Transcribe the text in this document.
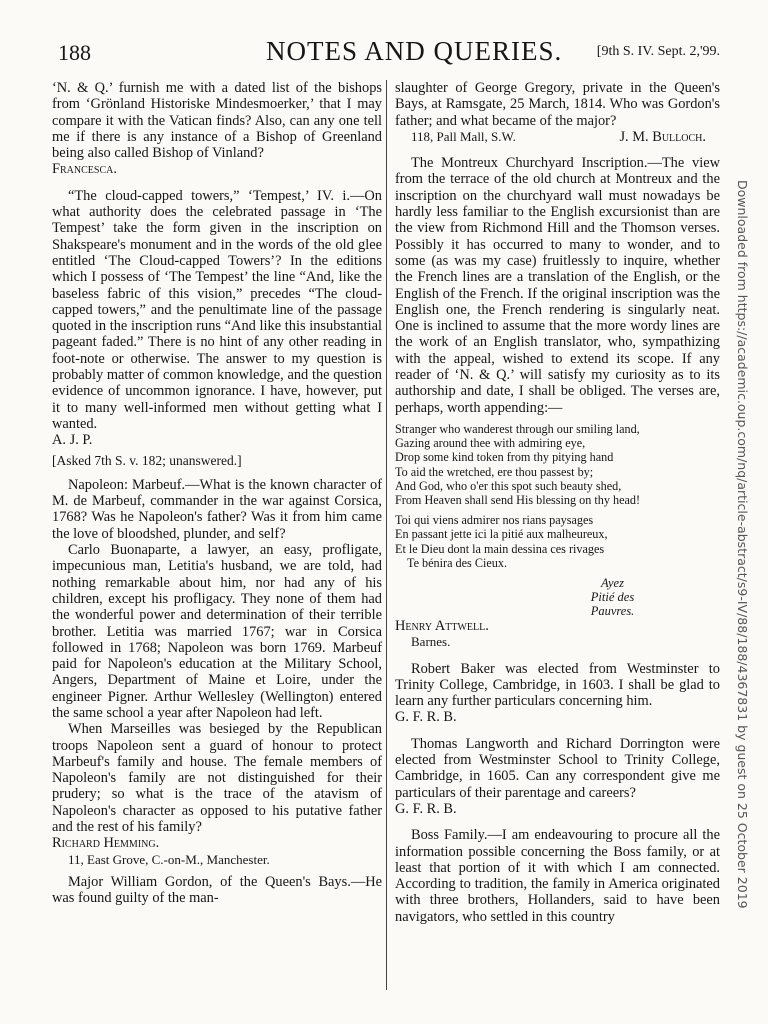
188	NOTES AND QUERIES. [9th S. IV. Sept. 2,'99.

‘N. & Q.’ furnish me with a dated list of the bishops from ‘Grönland Historiske Mindesmoerker,’ that I may compare it with the Vatican finds? Also, can any one tell me if there is any instance of a Bishop of Greenland being also called Bishop of Vinland?

Francesca.

“The cloud-capped towers,” ‘Tempest,’ IV. i.—On what authority does the celebrated passage in ‘The Tempest’ take the form given in the inscription on Shakspeare's monument and in the words of the old glee entitled ‘The Cloud-capped Towers’? In the editions which I possess of ‘The Tempest’ the line “And, like the baseless fabric of this vision,” precedes “The cloud-capped towers,” and the penultimate line of the passage quoted in the inscription runs “And like this insubstantial pageant faded.” There is no hint of any other reading in foot-note or otherwise. The answer to my question is probably matter of common knowledge, and the question evidence of uncommon ignorance. I have, however, put it to many well-informed men without getting what I wanted.

A. J. P.

[Asked 7th S. v. 182; unanswered.]

Napoleon: Marbeuf.—What is the known character of M. de Marbeuf, commander in the war against Corsica, 1768? Was he Napoleon's father? Was it from him came the love of bloodshed, plunder, and self?

Carlo Buonaparte, a lawyer, an easy, profligate, impecunious man, Letitia's husband, we are told, had nothing remarkable about him, nor had any of his children, except his profligacy. They none of them had the wonderful power and determination of their terrible brother. Letitia was married 1767; war in Corsica followed in 1768; Napoleon was born 1769. Marbeuf paid for Napoleon's education at the Military School, Angers, Department of Maine et Loire, under the engineer Pigner. Arthur Wellesley (Wellington) entered the same school a year after Napoleon had left.

When Marseilles was besieged by the Republican troops Napoleon sent a guard of honour to protect Marbeuf's family and house. The female members of Napoleon's family are not distinguished for their prudery; so what is the trace of the atavism of Napoleon's character as opposed to his putative father and the rest of his family?

Richard Hemming.

11, East Grove, C.-on-M., Manchester.

Major William Gordon, of the Queen's Bays.—He was found guilty of the man-

slaughter of George Gregory, private in the Queen's Bays, at Ramsgate, 25 March, 1814. Who was Gordon's father; and what became of the major?

118, Pall Mall, S.W.	J. M. Bulloch.

The Montreux Churchyard Inscription.—The view from the terrace of the old church at Montreux and the inscription on the churchyard wall must nowadays be hardly less familiar to the English excursionist than are the view from Richmond Hill and the Thomson verses. Possibly it has occurred to many to wonder, and to some (as was my case) fruitlessly to inquire, whether the French lines are a translation of the English, or the English of the French. If the original inscription was the English one, the French rendering is singularly neat. One is inclined to assume that the more wordy lines are the work of an English translator, who, sympathizing with the appeal, wished to extend its scope. If any reader of ‘N. & Q.’ will satisfy my curiosity as to its authorship and date, I shall be obliged. The verses are, perhaps, worth appending:—

Stranger who wanderest through our smiling land,

Gazing around thee with admiring eye,

Drop some kind token from thy pitying hand

To aid the wretched, ere thou passest by;

And God, who o'er this spot such beauty shed,

From Heaven shall send His blessing on thy head!

Toi qui viens admirer nos rians paysages

En passant jette ici la pitié aux malheureux,

Et le Dieu dont la main dessina ces rivages

Te bénira des Cieux.

Ayez

Pitié des

Pauvres.

Henry Attwell.

Barnes.

Robert Baker was elected from Westminster to Trinity College, Cambridge, in 1603. I shall be glad to learn any further particulars concerning him.

G. F. R. B.

Thomas Langworth and Richard Dorrington were elected from Westminster School to Trinity College, Cambridge, in 1605. Can any correspondent give me particulars of their parentage and careers?

G. F. R. B.

Boss Family.—I am endeavouring to procure all the information possible concerning the Boss family, or at least that portion of it with which I am connected. According to tradition, the family in America originated with three brothers, Hollanders, said to have been navigators, who settled in this country

Downloaded from https://academic.oup.com/nq/article-abstract/s9-IV/88/188/4367831 by guest on 25 October 2019
